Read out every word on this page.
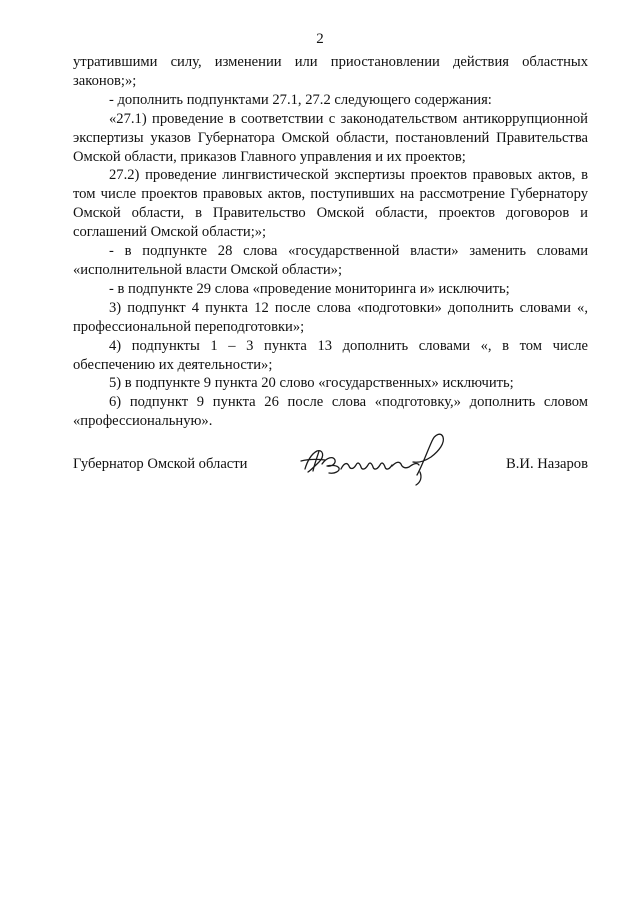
2

утратившими силу, изменении или приостановлении действия областных законов;»;

- дополнить подпунктами 27.1, 27.2 следующего содержания:

«27.1) проведение в соответствии с законодательством антикоррупционной экспертизы указов Губернатора Омской области, постановлений Правительства Омской области, приказов Главного управления и их проектов;

27.2) проведение лингвистической экспертизы проектов правовых актов, в том числе проектов правовых актов, поступивших на рассмотрение Губернатору Омской области, в Правительство Омской области, проектов договоров и соглашений Омской области;»;

- в подпункте 28 слова «государственной власти» заменить словами «исполнительной власти Омской области»;

- в подпункте 29 слова «проведение мониторинга и» исключить;

3) подпункт 4 пункта 12 после слова «подготовки» дополнить словами «, профессиональной переподготовки»;

4) подпункты 1 – 3 пункта 13 дополнить словами «, в том числе обеспечению их деятельности»;

5) в подпункте 9 пункта 20 слово «государственных» исключить;

6) подпункт 9 пункта 26 после слова «подготовку,» дополнить словом «профессиональную».

Губернатор Омской области	В.И. Назаров
